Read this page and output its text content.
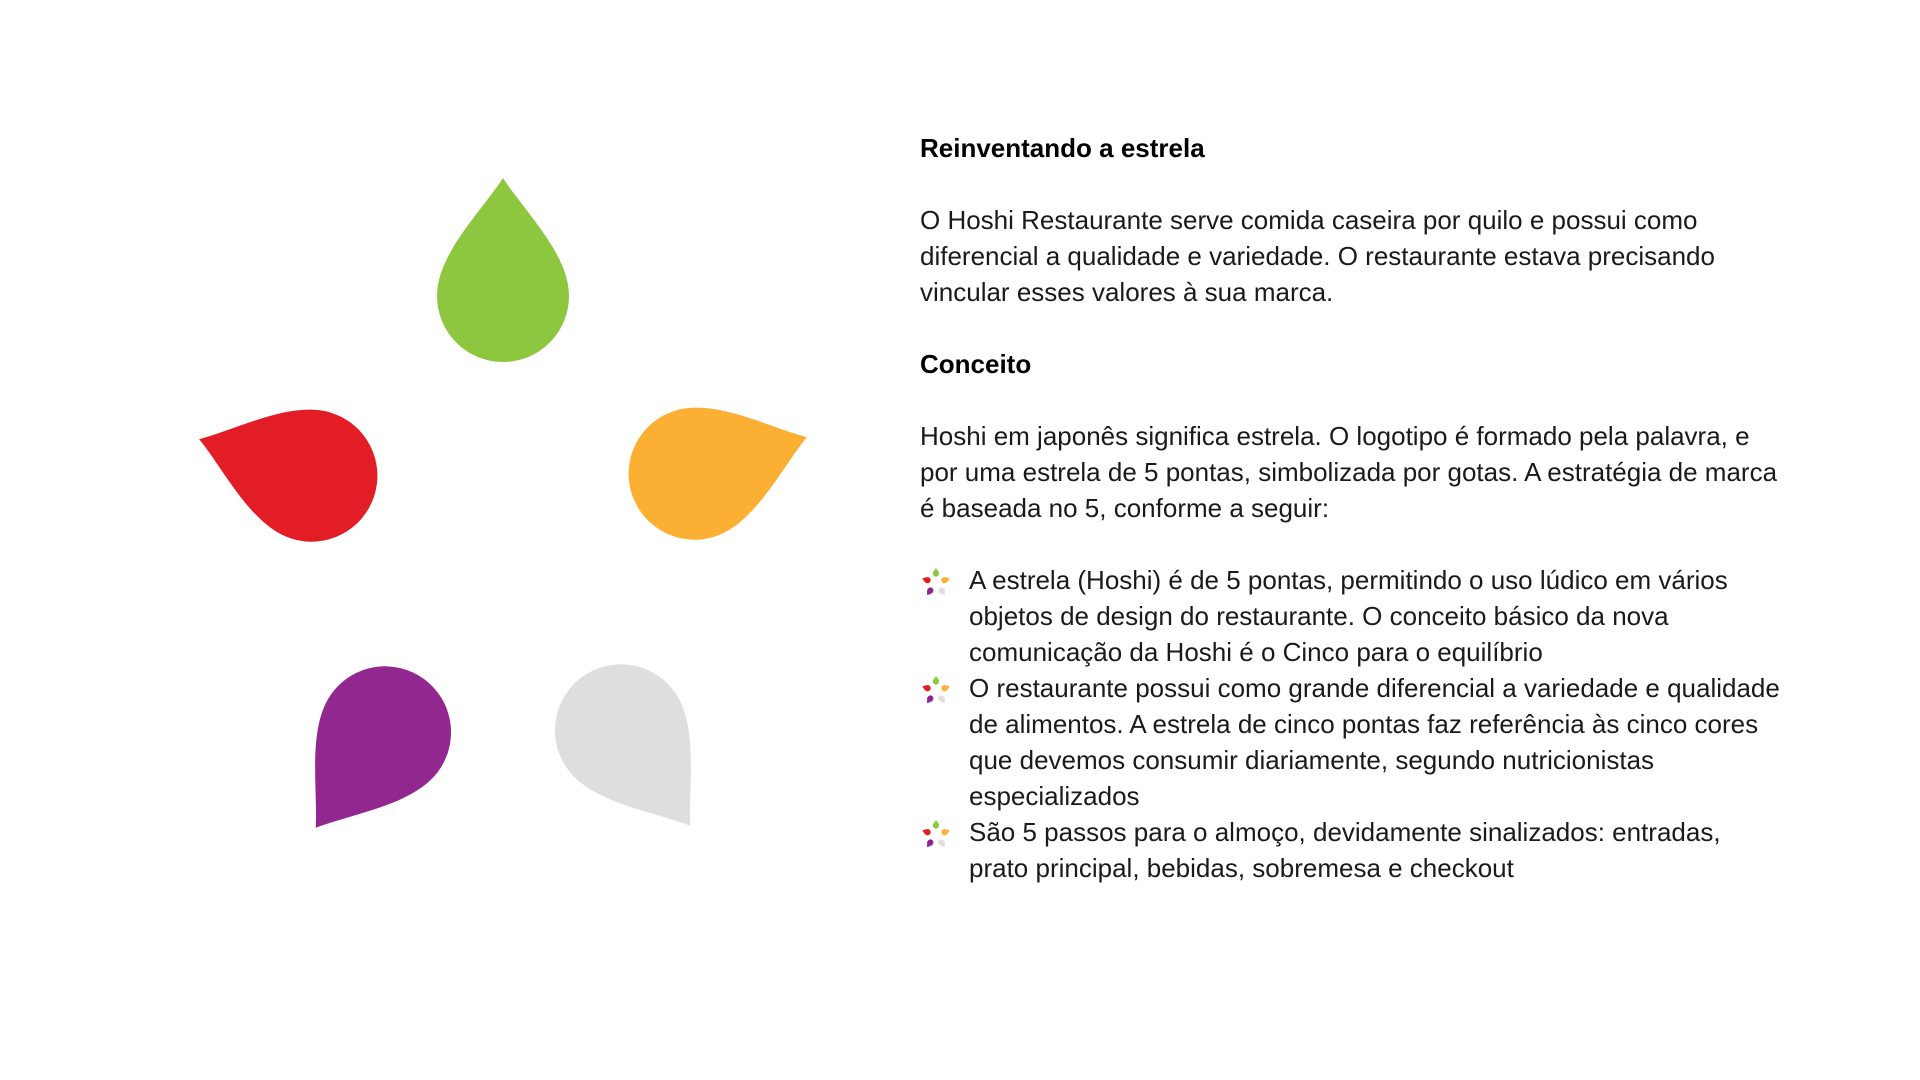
Reinventando a estrela

O Hoshi Restaurante serve comida caseira por quilo e possui como diferencial a qualidade e variedade. O restaurante estava precisando vincular esses valores à sua marca.

Conceito

Hoshi em japonês significa estrela. O logotipo é formado pela palavra, e por uma estrela de 5 pontas, simbolizada por gotas. A estratégia de marca é baseada no 5, conforme a seguir:

A estrela (Hoshi) é de 5 pontas, permitindo o uso lúdico em vários objetos de design do restaurante. O conceito básico da nova comunicação da Hoshi é o Cinco para o equilíbrio
O restaurante possui como grande diferencial a variedade e qualidade de alimentos. A estrela de cinco pontas faz referência às cinco cores que devemos consumir diariamente, segundo nutricionistas especializados
São 5 passos para o almoço, devidamente sinalizados: entradas, prato principal, bebidas, sobremesa e checkout
